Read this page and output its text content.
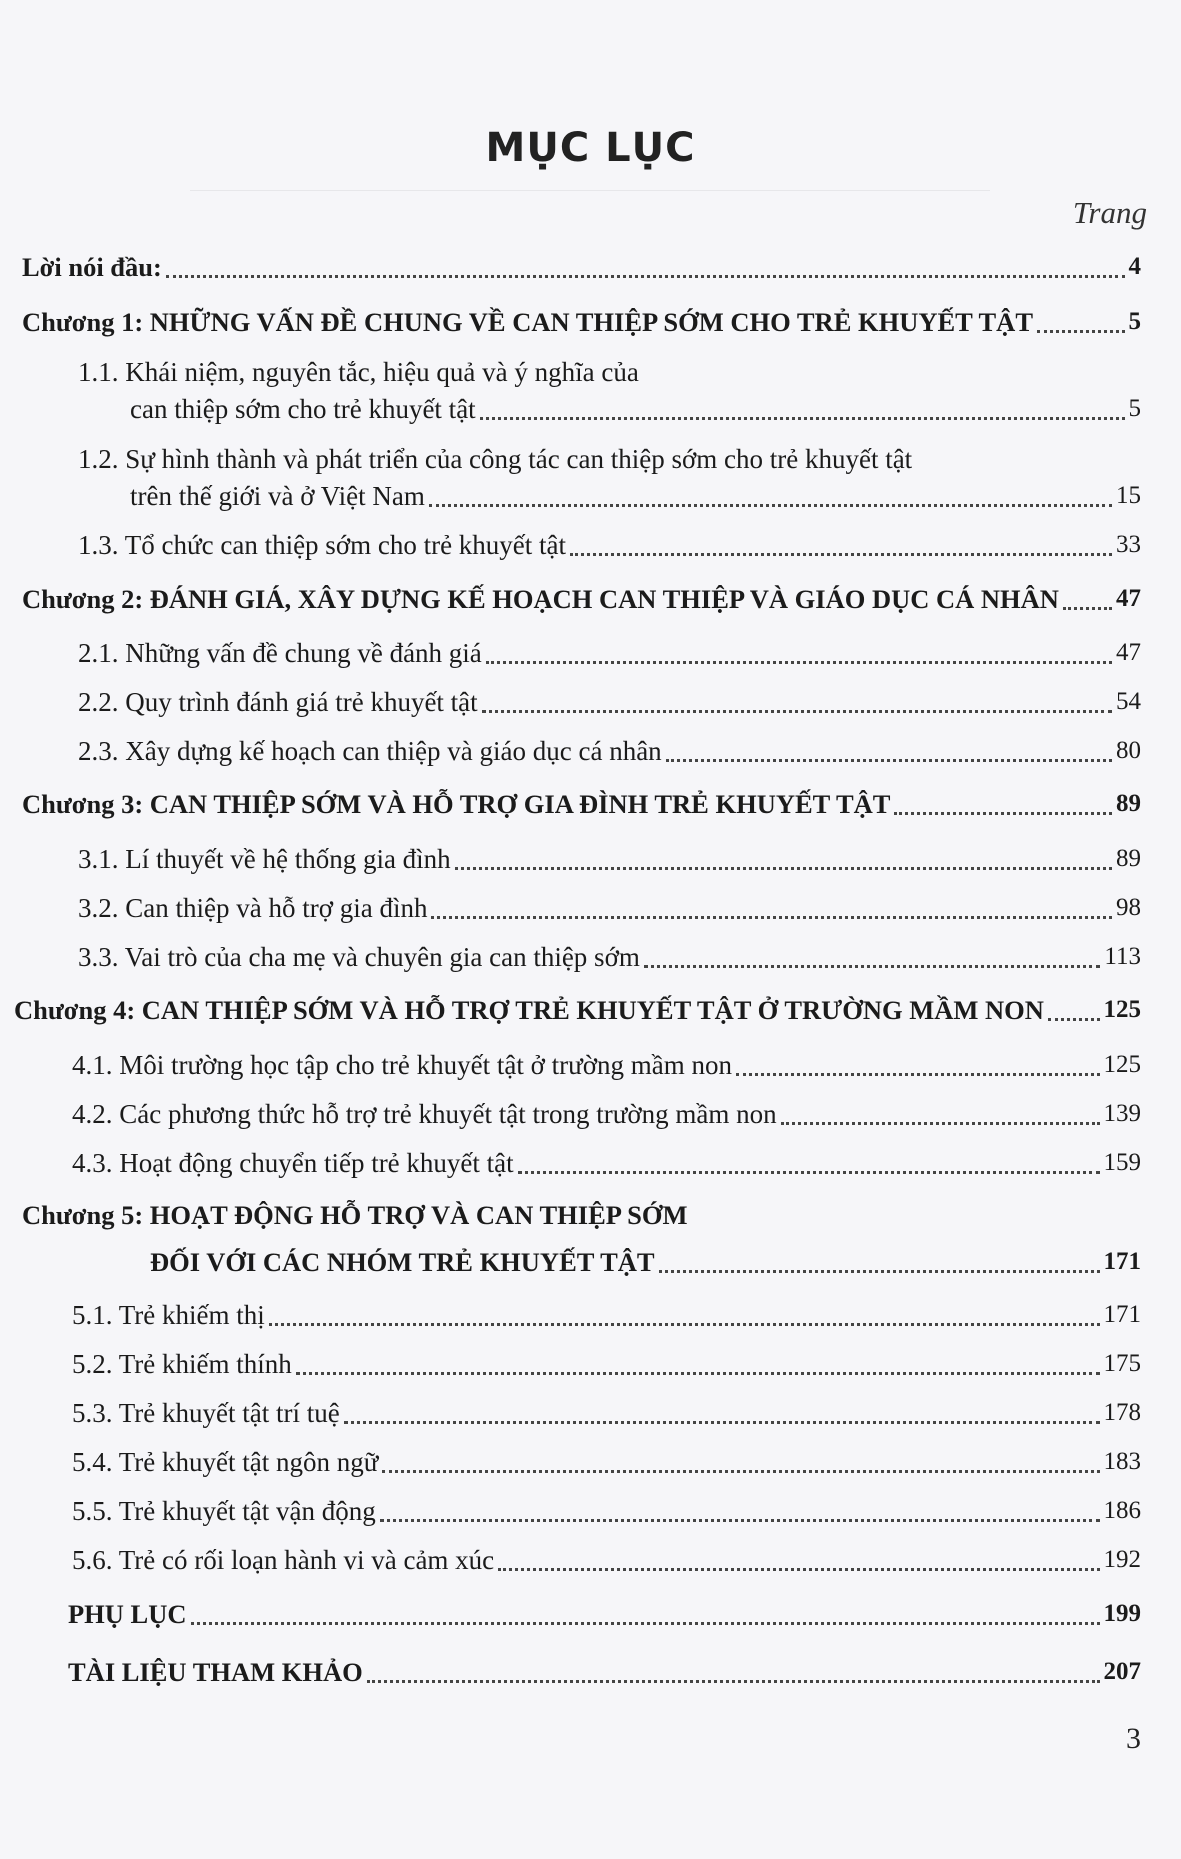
MỤC LỤC
Trang
Lời nói đầu:	4
Chương 1: NHỮNG VẤN ĐỀ CHUNG VỀ CAN THIỆP SỚM CHO TRẺ KHUYẾT TẬT	5
1.1. Khái niệm, nguyên tắc, hiệu quả và ý nghĩa của
can thiệp sớm cho trẻ khuyết tật	5
1.2. Sự hình thành và phát triển của công tác can thiệp sớm cho trẻ khuyết tật
trên thế giới và ở Việt Nam	15
1.3. Tổ chức can thiệp sớm cho trẻ khuyết tật	33
Chương 2: ĐÁNH GIÁ, XÂY DỰNG KẾ HOẠCH CAN THIỆP VÀ GIÁO DỤC CÁ NHÂN 47
2.1. Những vấn đề chung về đánh giá	47
2.2. Quy trình đánh giá trẻ khuyết tật	54
2.3. Xây dựng kế hoạch can thiệp và giáo dục cá nhân	80
Chương 3: CAN THIỆP SỚM VÀ HỖ TRỢ GIA ĐÌNH TRẺ KHUYẾT TẬT	89
3.1. Lí thuyết về hệ thống gia đình	89
3.2. Can thiệp và hỗ trợ gia đình	98
3.3. Vai trò của cha mẹ và chuyên gia can thiệp sớm	113
Chương 4: CAN THIỆP SỚM VÀ HỖ TRỢ TRẺ KHUYẾT TẬT Ở TRƯỜNG MẦM NON 125
4.1. Môi trường học tập cho trẻ khuyết tật ở trường mầm non	125
4.2. Các phương thức hỗ trợ trẻ khuyết tật trong trường mầm non	139
4.3. Hoạt động chuyển tiếp trẻ khuyết tật	159
Chương 5: HOẠT ĐỘNG HỖ TRỢ VÀ CAN THIỆP SỚM
ĐỐI VỚI CÁC NHÓM TRẺ KHUYẾT TẬT	171
5.1. Trẻ khiếm thị	171
5.2. Trẻ khiếm thính	175
5.3. Trẻ khuyết tật trí tuệ	178
5.4. Trẻ khuyết tật ngôn ngữ	183
5.5. Trẻ khuyết tật vận động	186
5.6. Trẻ có rối loạn hành vi và cảm xúc	192
PHỤ LỤC	199
TÀI LIỆU THAM KHẢO	207
3
